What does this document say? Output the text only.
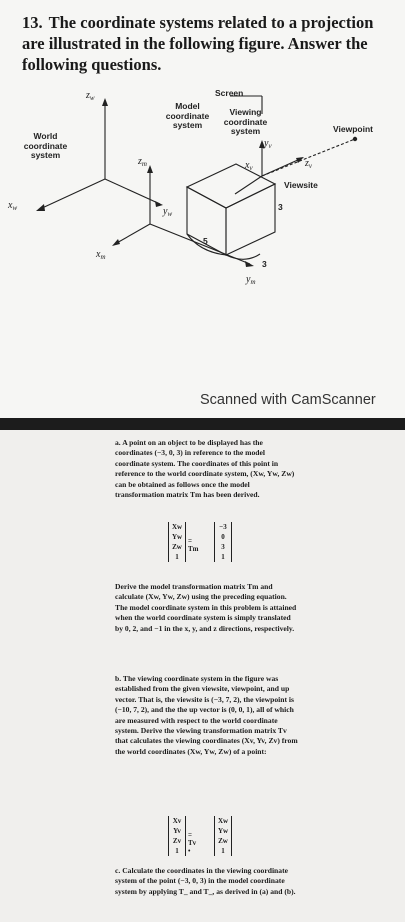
13. The coordinate systems related to a projection are illustrated in the following figure. Answer the following questions.
$z_w$
$x_w$	$y_w$
$z_m$
$x_m$
$y_m$
$x_v$
$y_v$
$z_v$
Model coordinate system
World coordinate system
Screen
Viewing coordinate system	Viewpoint
Viewsite
5
3
3
Scanned with CamScanner

a. A point on an object to be displayed has the coordinates (−3, 0, 3) in reference to the model coordinate system. The coordinates of this point in reference to the world coordinate system, (Xw, Yw, Zw) can be obtained as follows once the model transformation matrix Tm has been derived.

Xw
Yw
Zw
1
= Tm
−3
0
3
1

Derive the model transformation matrix Tm and calculate (Xw, Yw, Zw) using the preceding equation. The model coordinate system in this problem is attained when the world coordinate system is simply translated by 0, 2, and −1 in the x, y, and z directions, respectively.

b. The viewing coordinate system in the figure was established from the given viewsite, viewpoint, and up vector. That is, the viewsite is (−3, 7, 2), the viewpoint is (−10, 7, 2), and the the up vector is (0, 0, 1), all of which are measured with respect to the world coordinate system. Derive the viewing transformation matrix Tv that calculates the viewing coordinates (Xv, Yv, Zv) from the world coordinates (Xw, Yw, Zw) of a point:

Xv
Yv
Zv
1
= Tv •
Xw
Yw
Zw
1

c. Calculate the coordinates in the viewing coordinate system of the point (−3, 0, 3) in the model coordinate system by applying T_ and T_, as derived in (a) and (b).
